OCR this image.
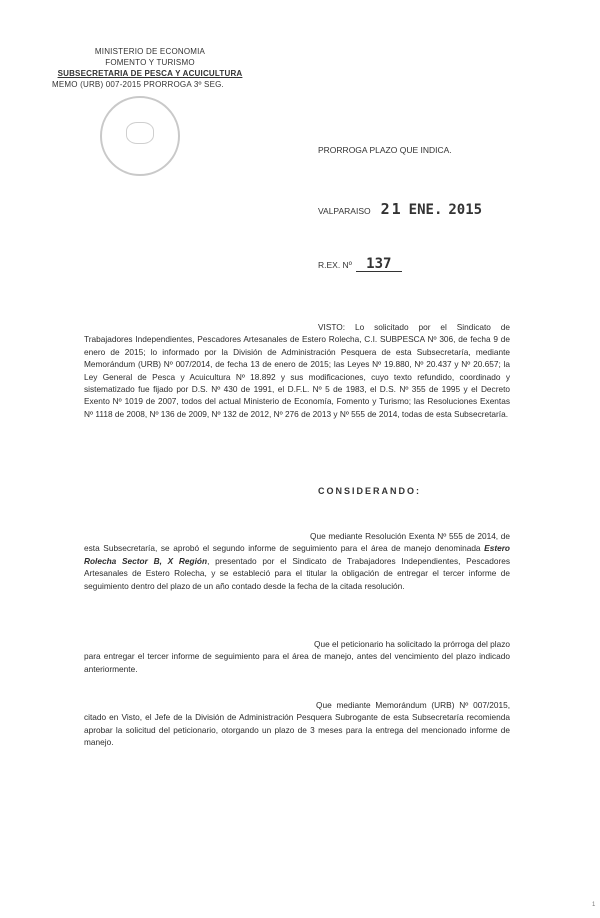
MINISTERIO DE ECONOMIA
FOMENTO Y TURISMO
SUBSECRETARIA DE PESCA Y ACUICULTURA
MEMO (URB) 007-2015 PRORROGA 3º SEG.
PRORROGA PLAZO QUE INDICA.
VALPARAISO 21 ENE. 2015
R.EX. Nº 137
VISTO: Lo solicitado por el Sindicato de Trabajadores Independientes, Pescadores Artesanales de Estero Rolecha, C.I. SUBPESCA Nº 306, de fecha 9 de enero de 2015; lo informado por la División de Administración Pesquera de esta Subsecretaría, mediante Memorándum (URB) Nº 007/2014, de fecha 13 de enero de 2015; las Leyes Nº 19.880, Nº 20.437 y Nº 20.657; la Ley General de Pesca y Acuicultura Nº 18.892 y sus modificaciones, cuyo texto refundido, coordinado y sistematizado fue fijado por D.S. Nº 430 de 1991, el D.F.L. Nº 5 de 1983, el D.S. Nº 355 de 1995 y el Decreto Exento Nº 1019 de 2007, todos del actual Ministerio de Economía, Fomento y Turismo; las Resoluciones Exentas Nº 1118 de 2008, Nº 136 de 2009, Nº 132 de 2012, Nº 276 de 2013 y Nº 555 de 2014, todas de esta Subsecretaría.
CONSIDERANDO:
Que mediante Resolución Exenta Nº 555 de 2014, de esta Subsecretaría, se aprobó el segundo informe de seguimiento para el área de manejo denominada Estero Rolecha Sector B, X Región, presentado por el Sindicato de Trabajadores Independientes, Pescadores Artesanales de Estero Rolecha, y se estableció para el titular la obligación de entregar el tercer informe de seguimiento dentro del plazo de un año contado desde la fecha de la citada resolución.
Que el peticionario ha solicitado la prórroga del plazo para entregar el tercer informe de seguimiento para el área de manejo, antes del vencimiento del plazo indicado anteriormente.
Que mediante Memorándum (URB) Nº 007/2015, citado en Visto, el Jefe de la División de Administración Pesquera Subrogante de esta Subsecretaría recomienda aprobar la solicitud del peticionario, otorgando un plazo de 3 meses para la entrega del mencionado informe de manejo.
1
